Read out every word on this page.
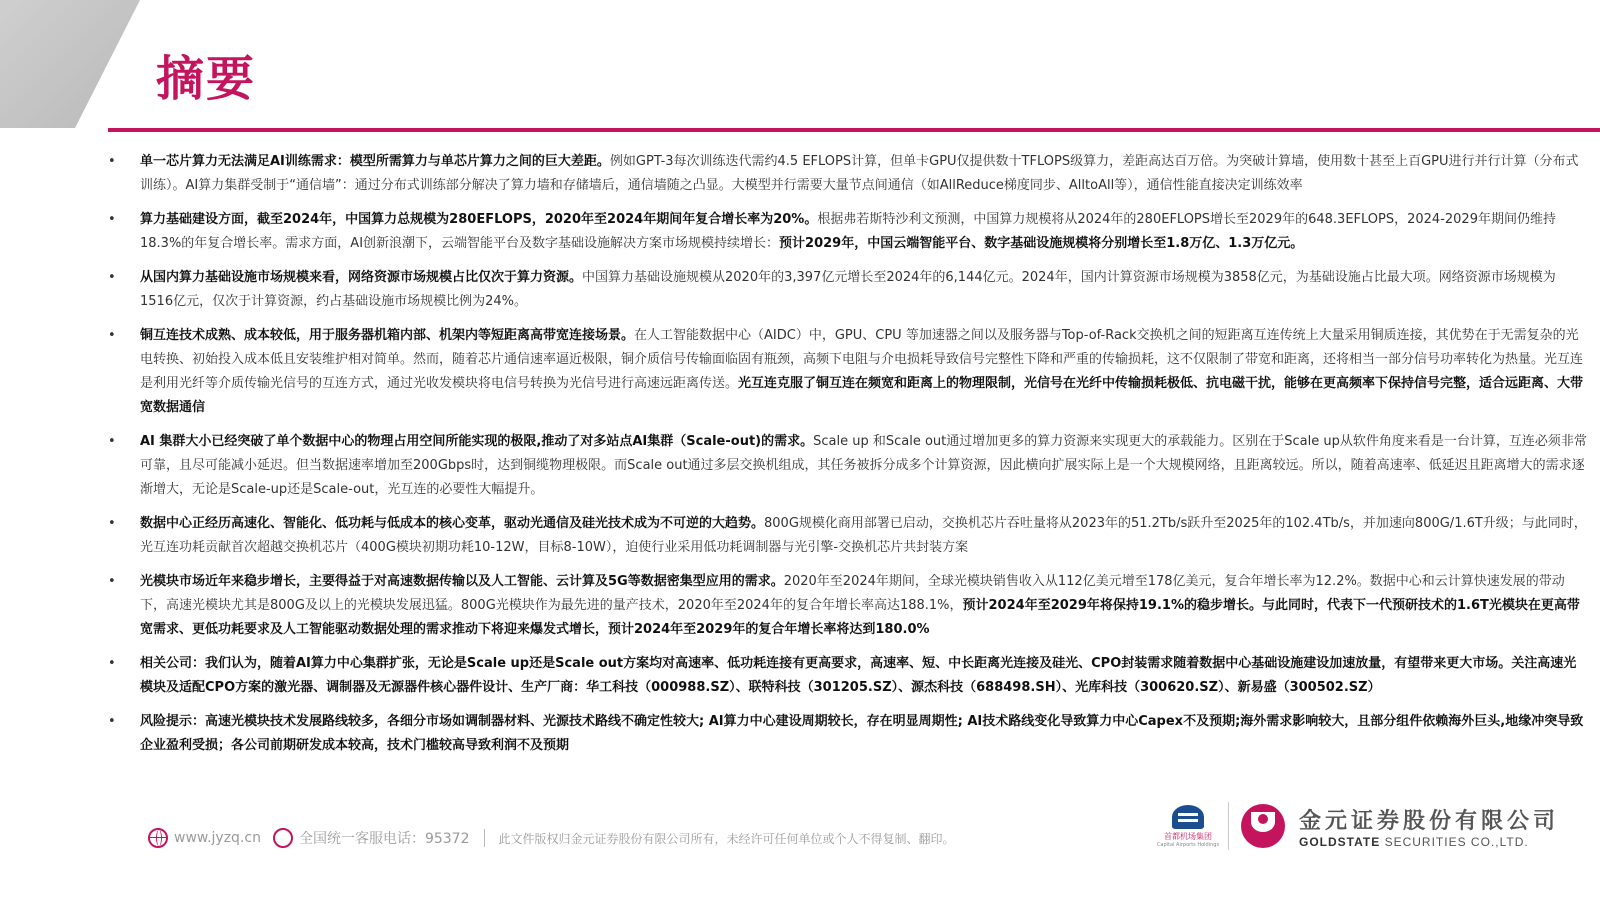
摘要
• 单一芯片算力无法满足AI训练需求：模型所需算力与单芯片算力之间的巨大差距。例如GPT-3每次训练迭代需约4.5 EFLOPS计算，但单卡GPU仅提供数十TFLOPS级算力，差距高达百万倍。为突破计算墙，使用数十甚至上百GPU进行并行计算（分布式训练）。AI算力集群受制于“通信墙”：通过分布式训练部分解决了算力墙和存储墙后，通信墙随之凸显。大模型并行需要大量节点间通信（如AllReduce梯度同步、AlltoAll等），通信性能直接决定训练效率
• 算力基础建设方面，截至2024年，中国算力总规模为280EFLOPS，2020年至2024年期间年复合增长率为20%。根据弗若斯特沙利文预测，中国算力规模将从2024年的280EFLOPS增长至2029年的648.3EFLOPS，2024-2029年期间仍维持18.3%的年复合增长率。需求方面，AI创新浪潮下，云端智能平台及数字基础设施解决方案市场规模持续增长：预计2029年，中国云端智能平台、数字基础设施规模将分别增长至1.8万亿、1.3万亿元。
• 从国内算力基础设施市场规模来看，网络资源市场规模占比仅次于算力资源。中国算力基础设施规模从2020年的3,397亿元增长至2024年的6,144亿元。2024年，国内计算资源市场规模为3858亿元，为基础设施占比最大项。网络资源市场规模为1516亿元，仅次于计算资源，约占基础设施市场规模比例为24%。
• 铜互连技术成熟、成本较低，用于服务器机箱内部、机架内等短距离高带宽连接场景。在人工智能数据中心（AIDC）中，GPU、CPU 等加速器之间以及服务器与Top-of-Rack交换机之间的短距离互连传统上大量采用铜质连接，其优势在于无需复杂的光电转换、初始投入成本低且安装维护相对简单。然而，随着芯片通信速率逼近极限，铜介质信号传输面临固有瓶颈，高频下电阻与介电损耗导致信号完整性下降和严重的传输损耗，这不仅限制了带宽和距离，还将相当一部分信号功率转化为热量。光互连是利用光纤等介质传输光信号的互连方式，通过光收发模块将电信号转换为光信号进行高速远距离传送。光互连克服了铜互连在频宽和距离上的物理限制，光信号在光纤中传输损耗极低、抗电磁干扰，能够在更高频率下保持信号完整，适合远距离、大带宽数据通信
• AI 集群大小已经突破了单个数据中心的物理占用空间所能实现的极限,推动了对多站点AI集群（Scale-out)的需求。Scale up 和Scale out通过增加更多的算力资源来实现更大的承载能力。区别在于Scale up从软件角度来看是一台计算，互连必须非常可靠，且尽可能减小延迟。但当数据速率增加至200Gbps时，达到铜缆物理极限。而Scale out通过多层交换机组成，其任务被拆分成多个计算资源，因此横向扩展实际上是一个大规模网络，且距离较远。所以，随着高速率、低延迟且距离增大的需求逐渐增大，无论是Scale-up还是Scale-out，光互连的必要性大幅提升。
• 数据中心正经历高速化、智能化、低功耗与低成本的核心变革，驱动光通信及硅光技术成为不可逆的大趋势。800G规模化商用部署已启动，交换机芯片吞吐量将从2023年的51.2Tb/s跃升至2025年的102.4Tb/s，并加速向800G/1.6T升级；与此同时，光互连功耗贡献首次超越交换机芯片（400G模块初期功耗10-12W，目标8-10W），迫使行业采用低功耗调制器与光引擎-交换机芯片共封装方案
• 光模块市场近年来稳步增长，主要得益于对高速数据传输以及人工智能、云计算及5G等数据密集型应用的需求。2020年至2024年期间，全球光模块销售收入从112亿美元增至178亿美元，复合年增长率为12.2%。数据中心和云计算快速发展的带动下，高速光模块尤其是800G及以上的光模块发展迅猛。800G光模块作为最先进的量产技术，2020年至2024年的复合年增长率高达188.1%，预计2024年至2029年将保持19.1%的稳步增长。与此同时，代表下一代预研技术的1.6T光模块在更高带宽需求、更低功耗要求及人工智能驱动数据处理的需求推动下将迎来爆发式增长，预计2024年至2029年的复合年增长率将达到180.0%
• 相关公司：我们认为，随着AI算力中心集群扩张，无论是Scale up还是Scale out方案均对高速率、低功耗连接有更高要求，高速率、短、中长距离光连接及硅光、CPO封装需求随着数据中心基础设施建设加速放量，有望带来更大市场。关注高速光模块及适配CPO方案的激光器、调制器及无源器件核心器件设计、生产厂商：华工科技（000988.SZ）、联特科技（301205.SZ）、源杰科技（688498.SH）、光库科技（300620.SZ）、新易盛（300502.SZ）
• 风险提示：高速光模块技术发展路线较多，各细分市场如调制器材料、光源技术路线不确定性较大; AI算力中心建设周期较长，存在明显周期性; AI技术路线变化导致算力中心Capex不及预期;海外需求影响较大，且部分组件依赖海外巨头,地缘冲突导致企业盈利受损；各公司前期研发成本较高，技术门槛较高导致利润不及预期
www.jyzq.cn	全国统一客服电话：95372 此文件版权归金元证券股份有限公司所有，未经许可任何单位或个人不得复制、翻印。	首都机场集团
Capital Airports Holdings
金元证券股份有限公司
GOLDSTATE SECURITIES CO.,LTD.
